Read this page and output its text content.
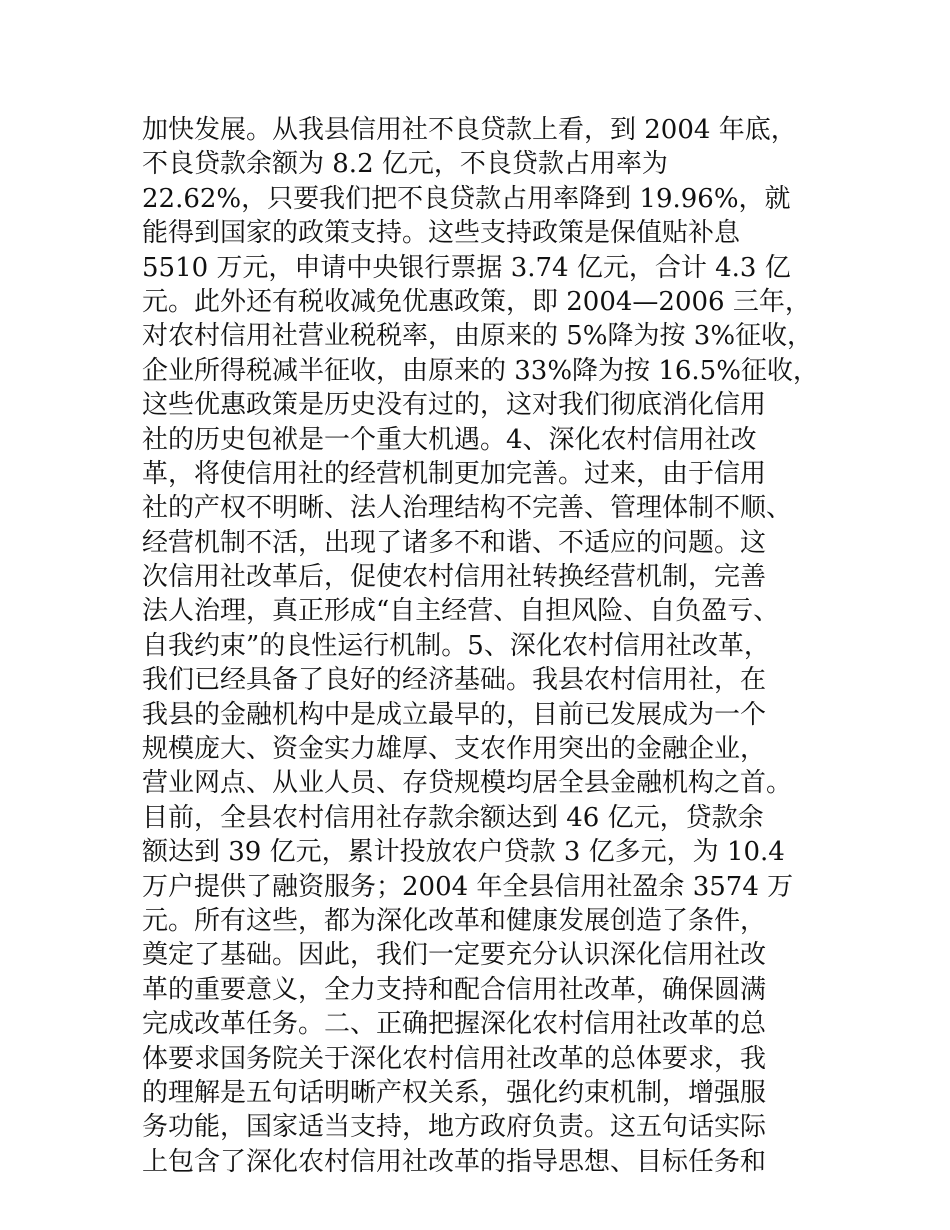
加快发展。从我县信用社不良贷款上看，到 2004 年底，
不良贷款余额为 8.2 亿元，不良贷款占用率为
22.62%，只要我们把不良贷款占用率降到 19.96%，就
能得到国家的政策支持。这些支持政策是保值贴补息
5510 万元，申请中央银行票据 3.74 亿元，合计 4.3 亿
元。此外还有税收减免优惠政策，即 2004—2006 三年，
对农村信用社营业税税率，由原来的 5%降为按 3%征收，
企业所得税减半征收，由原来的 33%降为按 16.5%征收，
这些优惠政策是历史没有过的，这对我们彻底消化信用
社的历史包袱是一个重大机遇。4、深化农村信用社改
革，将使信用社的经营机制更加完善。过来，由于信用
社的产权不明晰、法人治理结构不完善、管理体制不顺、
经营机制不活，出现了诸多不和谐、不适应的问题。这
次信用社改革后，促使农村信用社转换经营机制，完善
法人治理，真正形成“自主经营、自担风险、自负盈亏、
自我约束”的良性运行机制。5、深化农村信用社改革，
我们已经具备了良好的经济基础。我县农村信用社，在
我县的金融机构中是成立最早的，目前已发展成为一个
规模庞大、资金实力雄厚、支农作用突出的金融企业，
营业网点、从业人员、存贷规模均居全县金融机构之首。
目前，全县农村信用社存款余额达到 46 亿元，贷款余
额达到 39 亿元，累计投放农户贷款 3 亿多元，为 10.4
万户提供了融资服务；2004 年全县信用社盈余 3574 万
元。所有这些，都为深化改革和健康发展创造了条件，
奠定了基础。因此，我们一定要充分认识深化信用社改
革的重要意义，全力支持和配合信用社改革，确保圆满
完成改革任务。二、正确把握深化农村信用社改革的总
体要求国务院关于深化农村信用社改革的总体要求，我
的理解是五句话明晰产权关系，强化约束机制，增强服
务功能，国家适当支持，地方政府负责。这五句话实际
上包含了深化农村信用社改革的指导思想、目标任务和
